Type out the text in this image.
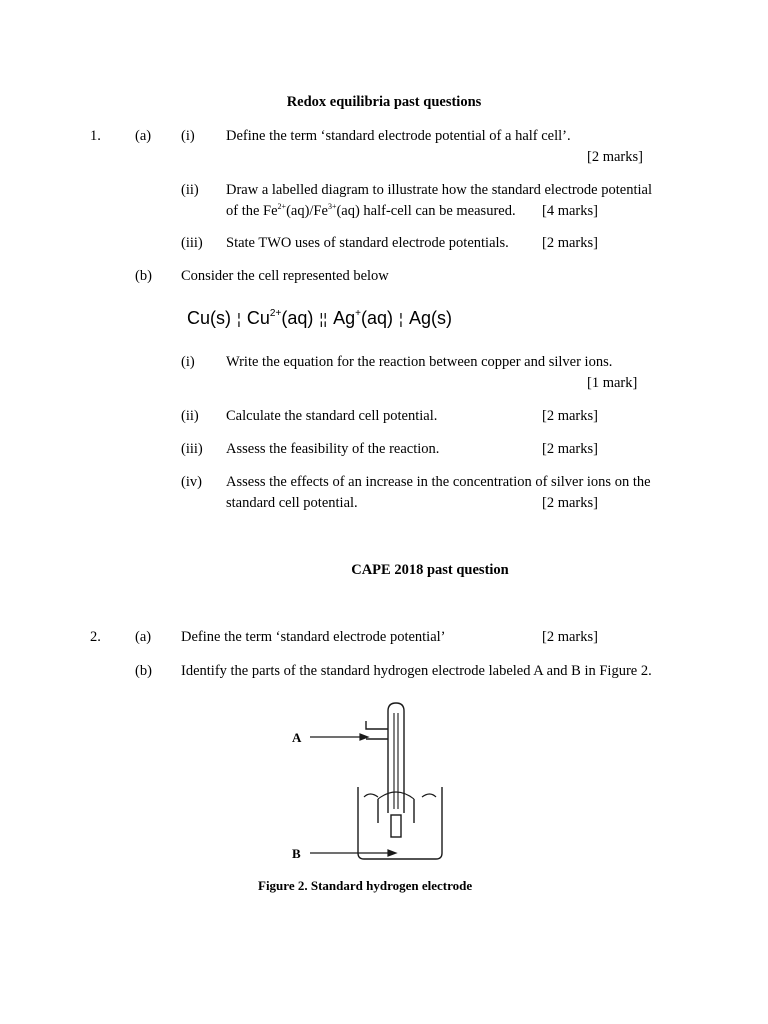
Redox equilibria past questions
1. (a) (i) Define the term ‘standard electrode potential of a half cell’.
[2 marks]
(ii) Draw a labelled diagram to illustrate how the standard electrode potential
of the $Fe^{2+}(aq)/Fe^{3+}(aq)$ half-cell can be measured. [4 marks]
(iii) State TWO uses of standard electrode potentials. [2 marks]
(b) Consider the cell represented below
Cu(s) ¦ $Cu^{2+}(aq)$ ¦¦ Ag+(aq) ¦ Ag(s)
(i) Write the equation for the reaction between copper and silver ions.
[1 mark]
(ii) Calculate the standard cell potential.	[2 marks]
(iii) Assess the feasibility of the reaction.	[2 marks]
(iv) Assess the effects of an increase in the concentration of silver ions on the
standard cell potential.	[2 marks]
CAPE 2018 past question
2. (a) Define the term ‘standard electrode potential’	[2 marks]
(b) Identify the parts of the standard hydrogen electrode labeled A and B in Figure 2.
A
B
Figure 2. Standard hydrogen electrode
